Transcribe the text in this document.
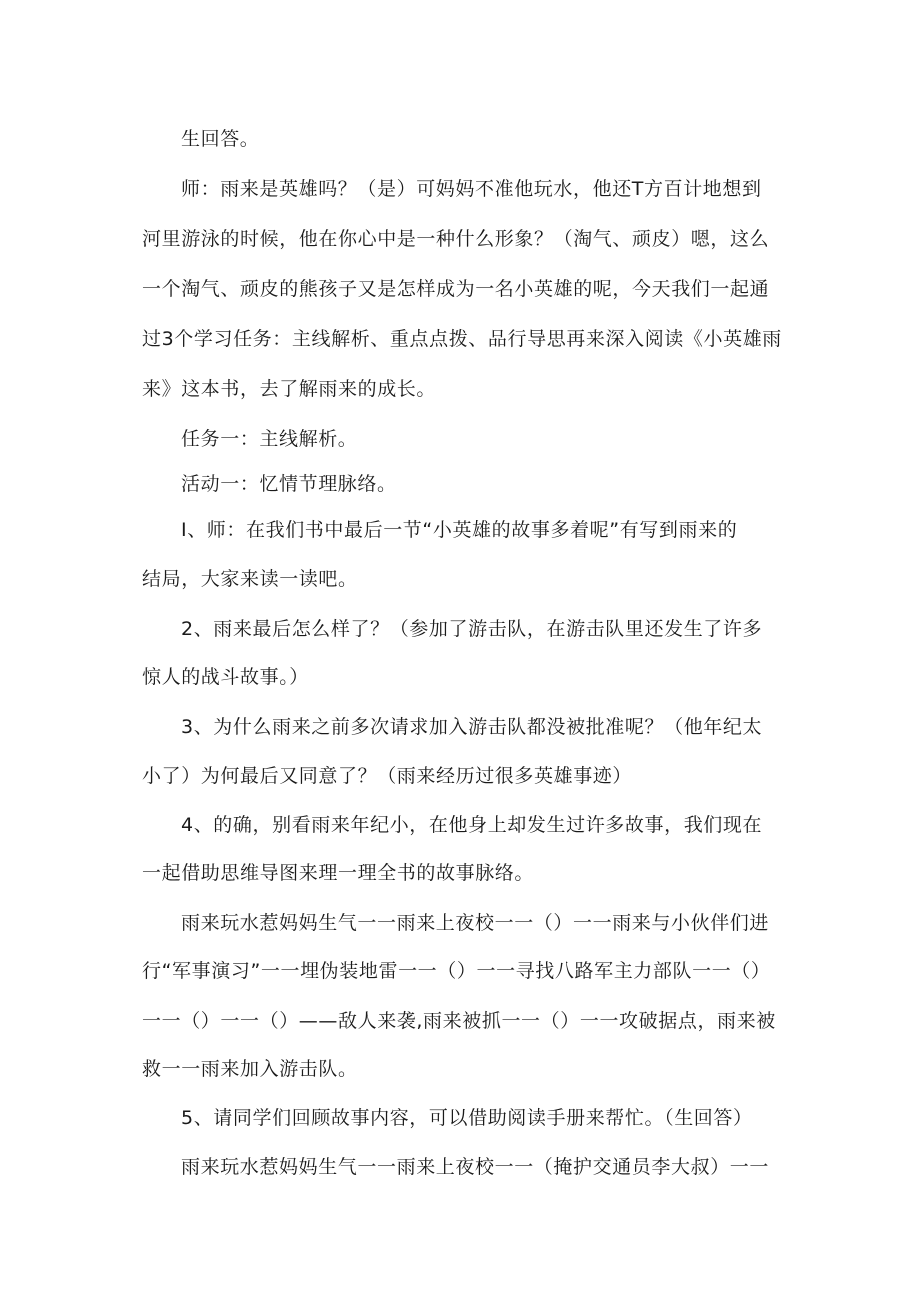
生回答。
师：雨来是英雄吗？（是）可妈妈不准他玩水，他还T方百计地想到
河里游泳的时候，他在你心中是一种什么形象？（淘气、顽皮）嗯，这么
一个淘气、顽皮的熊孩子又是怎样成为一名小英雄的呢，今天我们一起通
过3个学习任务：主线解析、重点点拨、品行导思再来深入阅读《小英雄雨
来》这本书，去了解雨来的成长。
任务一：主线解析。
活动一：忆情节理脉络。
I、师：在我们书中最后一节“小英雄的故事多着呢”有写到雨来的
结局，大家来读一读吧。
2、雨来最后怎么样了？（参加了游击队，在游击队里还发生了许多
惊人的战斗故事。）
3、为什么雨来之前多次请求加入游击队都没被批准呢？（他年纪太
小了）为何最后又同意了？（雨来经历过很多英雄事迹）
4、的确，别看雨来年纪小，在他身上却发生过许多故事，我们现在
一起借助思维导图来理一理全书的故事脉络。
雨来玩水惹妈妈生气一一雨来上夜校一一（）一一雨来与小伙伴们进
行“军事演习”一一埋伪装地雷一一（）一一寻找八路军主力部队一一（）
一一（）一一（）——敌人来袭,雨来被抓一一（）一一攻破据点，雨来被
救一一雨来加入游击队。
5、请同学们回顾故事内容，可以借助阅读手册来帮忙。（生回答）
雨来玩水惹妈妈生气一一雨来上夜校一一（掩护交通员李大叔）一一
